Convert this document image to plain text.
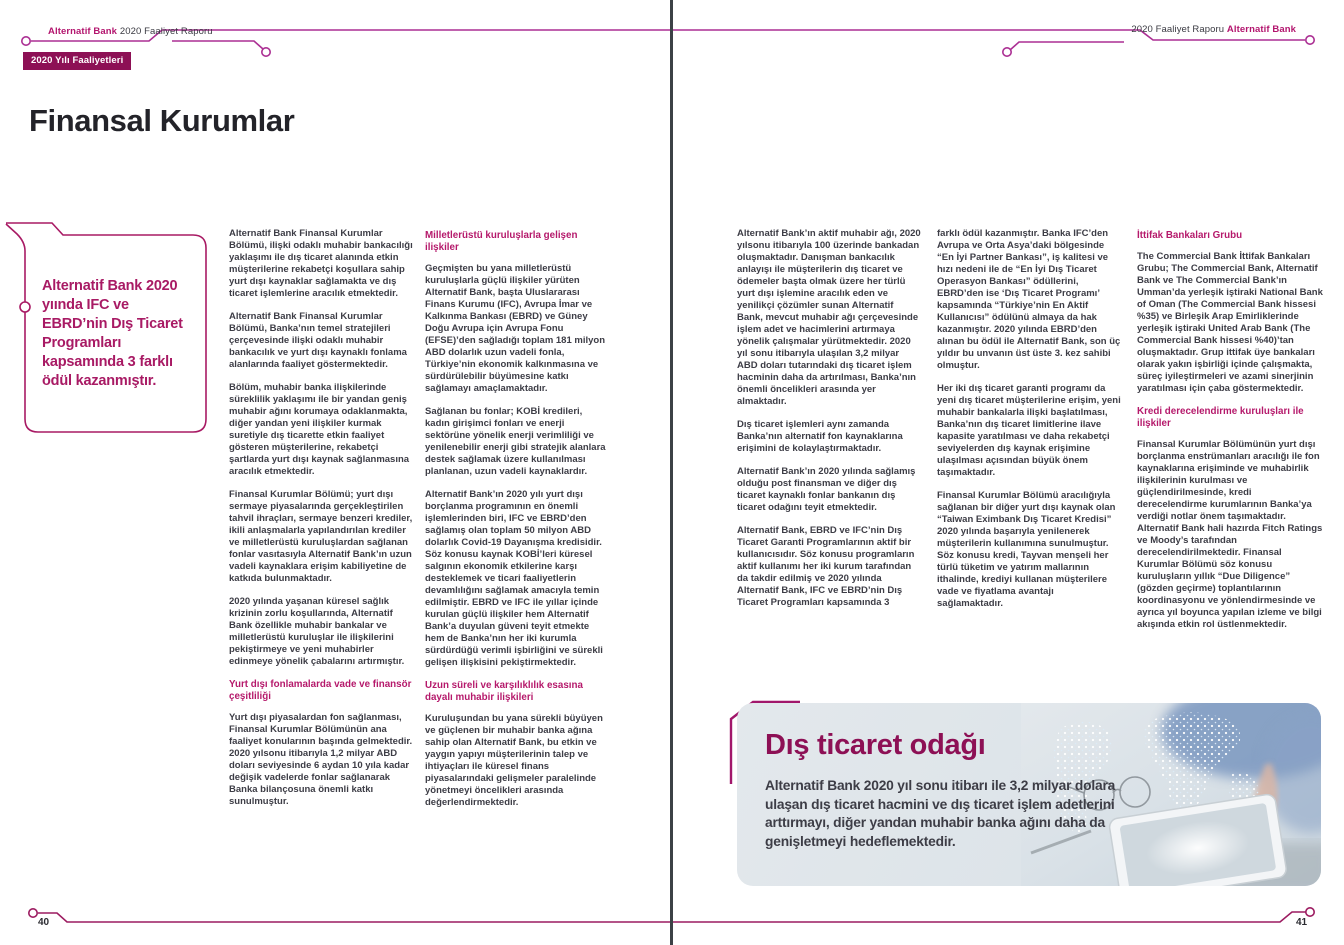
Alternatif Bank 2020 Faaliyet Raporu
2020 Yılı Faaliyetleri
Finansal Kurumlar

Alternatif Bank 2020 yıında IFC ve EBRD’nin Dış Ticaret Programları kapsamında 3 farklı ödül kazanmıştır.

Alternatif Bank Finansal Kurumlar Bölümü, ilişki odaklı muhabir bankacılığı yaklaşımı ile dış ticaret alanında etkin müşterilerine rekabetçi koşullara sahip yurt dışı kaynaklar sağlamakta ve dış ticaret işlemlerine aracılık etmektedir.

Alternatif Bank Finansal Kurumlar Bölümü, Banka’nın temel stratejileri çerçevesinde ilişki odaklı muhabir bankacılık ve yurt dışı kaynaklı fonlama alanlarında faaliyet göstermektedir.

Bölüm, muhabir banka ilişkilerinde süreklilik yaklaşımı ile bir yandan geniş muhabir ağını korumaya odaklanmakta, diğer yandan yeni ilişkiler kurmak suretiyle dış ticarette etkin faaliyet gösteren müşterilerine, rekabetçi şartlarda yurt dışı kaynak sağlanmasına aracılık etmektedir.

Finansal Kurumlar Bölümü; yurt dışı sermaye piyasalarında gerçekleştirilen tahvil ihraçları, sermaye benzeri krediler, ikili anlaşmalarla yapılandırılan krediler ve milletlerüstü kuruluşlardan sağlanan fonlar vasıtasıyla Alternatif Bank’ın uzun vadeli kaynaklara erişim kabiliyetine de katkıda bulunmaktadır.

2020 yılında yaşanan küresel sağlık krizinin zorlu koşullarında, Alternatif Bank özellikle muhabir bankalar ve milletlerüstü kuruluşlar ile ilişkilerini pekiştirmeye ve yeni muhabirler edinmeye yönelik çabalarını artırmıştır.

Yurt dışı fonlamalarda vade ve finansör çeşitliliği

Yurt dışı piyasalardan fon sağlanması, Finansal Kurumlar Bölümünün ana faaliyet konularının başında gelmektedir. 2020 yılsonu itibarıyla 1,2 milyar ABD doları seviyesinde 6 aydan 10 yıla kadar değişik vadelerde fonlar sağlanarak Banka bilançosuna önemli katkı sunulmuştur.

Milletlerüstü kuruluşlarla gelişen ilişkiler

Geçmişten bu yana milletlerüstü kuruluşlarla güçlü ilişkiler yürüten Alternatif Bank, başta Uluslararası Finans Kurumu (IFC), Avrupa İmar ve Kalkınma Bankası (EBRD) ve Güney Doğu Avrupa için Avrupa Fonu (EFSE)’den sağladığı toplam 181 milyon ABD dolarlık uzun vadeli fonla, Türkiye’nin ekonomik kalkınmasına ve sürdürülebilir büyümesine katkı sağlamayı amaçlamaktadır.

Sağlanan bu fonlar; KOBİ kredileri, kadın girişimci fonları ve enerji sektörüne yönelik enerji verimliliği ve yenilenebilir enerji gibi stratejik alanlara destek sağlamak üzere kullanılması planlanan, uzun vadeli kaynaklardır.

Alternatif Bank’ın 2020 yılı yurt dışı borçlanma programının en önemli işlemlerinden biri, IFC ve EBRD’den sağlamış olan toplam 50 milyon ABD dolarlık Covid-19 Dayanışma kredisidir. Söz konusu kaynak KOBİ’leri küresel salgının ekonomik etkilerine karşı desteklemek ve ticari faaliyetlerin devamlılığını sağlamak amacıyla temin edilmiştir. EBRD ve IFC ile yıllar içinde kurulan güçlü ilişkiler hem Alternatif Bank’a duyulan güveni teyit etmekte hem de Banka’nın her iki kurumla sürdürdüğü verimli işbirliğini ve sürekli gelişen ilişkisini pekiştirmektedir.

Uzun süreli ve karşılıklılık esasına dayalı muhabir ilişkileri

Kuruluşundan bu yana sürekli büyüyen ve güçlenen bir muhabir banka ağına sahip olan Alternatif Bank, bu etkin ve yaygın yapıyı müşterilerinin talep ve ihtiyaçları ile küresel finans piyasalarındaki gelişmeler paralelinde yönetmeyi öncelikleri arasında değerlendirmektedir.

40
2020 Faaliyet Raporu Alternatif Bank

Alternatif Bank’ın aktif muhabir ağı, 2020 yılsonu itibarıyla 100 üzerinde bankadan oluşmaktadır. Danışman bankacılık anlayışı ile müşterilerin dış ticaret ve ödemeler başta olmak üzere her türlü yurt dışı işlemine aracılık eden ve yenilikçi çözümler sunan Alternatif Bank, mevcut muhabir ağı çerçevesinde işlem adet ve hacimlerini artırmaya yönelik çalışmalar yürütmektedir. 2020 yıl sonu itibarıyla ulaşılan 3,2 milyar ABD doları tutarındaki dış ticaret işlem hacminin daha da artırılması, Banka’nın önemli öncelikleri arasında yer almaktadır.

Dış ticaret işlemleri aynı zamanda Banka’nın alternatif fon kaynaklarına erişimini de kolaylaştırmaktadır.

Alternatif Bank’ın 2020 yılında sağlamış olduğu post finansman ve diğer dış ticaret kaynaklı fonlar bankanın dış ticaret odağını teyit etmektedir.

Alternatif Bank, EBRD ve IFC’nin Dış Ticaret Garanti Programlarının aktif bir kullanıcısıdır. Söz konusu programların aktif kullanımı her iki kurum tarafından da takdir edilmiş ve 2020 yılında Alternatif Bank, IFC ve EBRD’nin Dış Ticaret Programları kapsamında 3

farklı ödül kazanmıştır. Banka IFC’den Avrupa ve Orta Asya’daki bölgesinde “En İyi Partner Bankası”, iş kalitesi ve hızı nedeni ile de “En İyi Dış Ticaret Operasyon Bankası” ödüllerini, EBRD’den ise ‘Dış Ticaret Programı’ kapsamında “Türkiye’nin En Aktif Kullanıcısı” ödülünü almaya da hak kazanmıştır. 2020 yılında EBRD’den alınan bu ödül ile Alternatif Bank, son üç yıldır bu unvanın üst üste 3. kez sahibi olmuştur.

Her iki dış ticaret garanti programı da yeni dış ticaret müşterilerine erişim, yeni muhabir bankalarla ilişki başlatılması, Banka’nın dış ticaret limitlerine ilave kapasite yaratılması ve daha rekabetçi seviyelerden dış kaynak erişimine ulaşılması açısından büyük önem taşımaktadır.

Finansal Kurumlar Bölümü aracılığıyla sağlanan bir diğer yurt dışı kaynak olan “Taiwan Eximbank Dış Ticaret Kredisi” 2020 yılında başarıyla yenilenerek müşterilerin kullanımına sunulmuştur. Söz konusu kredi, Tayvan menşeli her türlü tüketim ve yatırım mallarının ithalinde, krediyi kullanan müşterilere vade ve fiyatlama avantajı sağlamaktadır.

İttifak Bankaları Grubu

The Commercial Bank İttifak Bankaları Grubu; The Commercial Bank, Alternatif Bank ve The Commercial Bank’ın Umman’da yerleşik iştiraki National Bank of Oman (The Commercial Bank hissesi %35) ve Birleşik Arap Emirliklerinde yerleşik iştiraki United Arab Bank (The Commercial Bank hissesi %40)’tan oluşmaktadır. Grup ittifak üye bankaları olarak yakın işbirliği içinde çalışmakta, süreç iyileştirmeleri ve azami sinerjinin yaratılması için çaba göstermektedir.

Kredi derecelendirme kuruluşları ile ilişkiler

Finansal Kurumlar Bölümünün yurt dışı borçlanma enstrümanları aracılığı ile fon kaynaklarına erişiminde ve muhabirlik ilişkilerinin kurulması ve güçlendirilmesinde, kredi derecelendirme kurumlarının Banka’ya verdiği notlar önem taşımaktadır. Alternatif Bank hali hazırda Fitch Ratings ve Moody’s tarafından derecelendirilmektedir. Finansal Kurumlar Bölümü söz konusu kuruluşların yıllık “Due Diligence” (gözden geçirme) toplantılarının koordinasyonu ve yönlendirmesinde ve ayrıca yıl boyunca yapılan izleme ve bilgi akışında etkin rol üstlenmektedir.

Dış ticaret odağı

Alternatif Bank 2020 yıl sonu itibarı ile 3,2 milyar dolara ulaşan dış ticaret hacmini ve dış ticaret işlem adetlerini arttırmayı, diğer yandan muhabir banka ağını daha da genişletmeyi hedeflemektedir.

41
